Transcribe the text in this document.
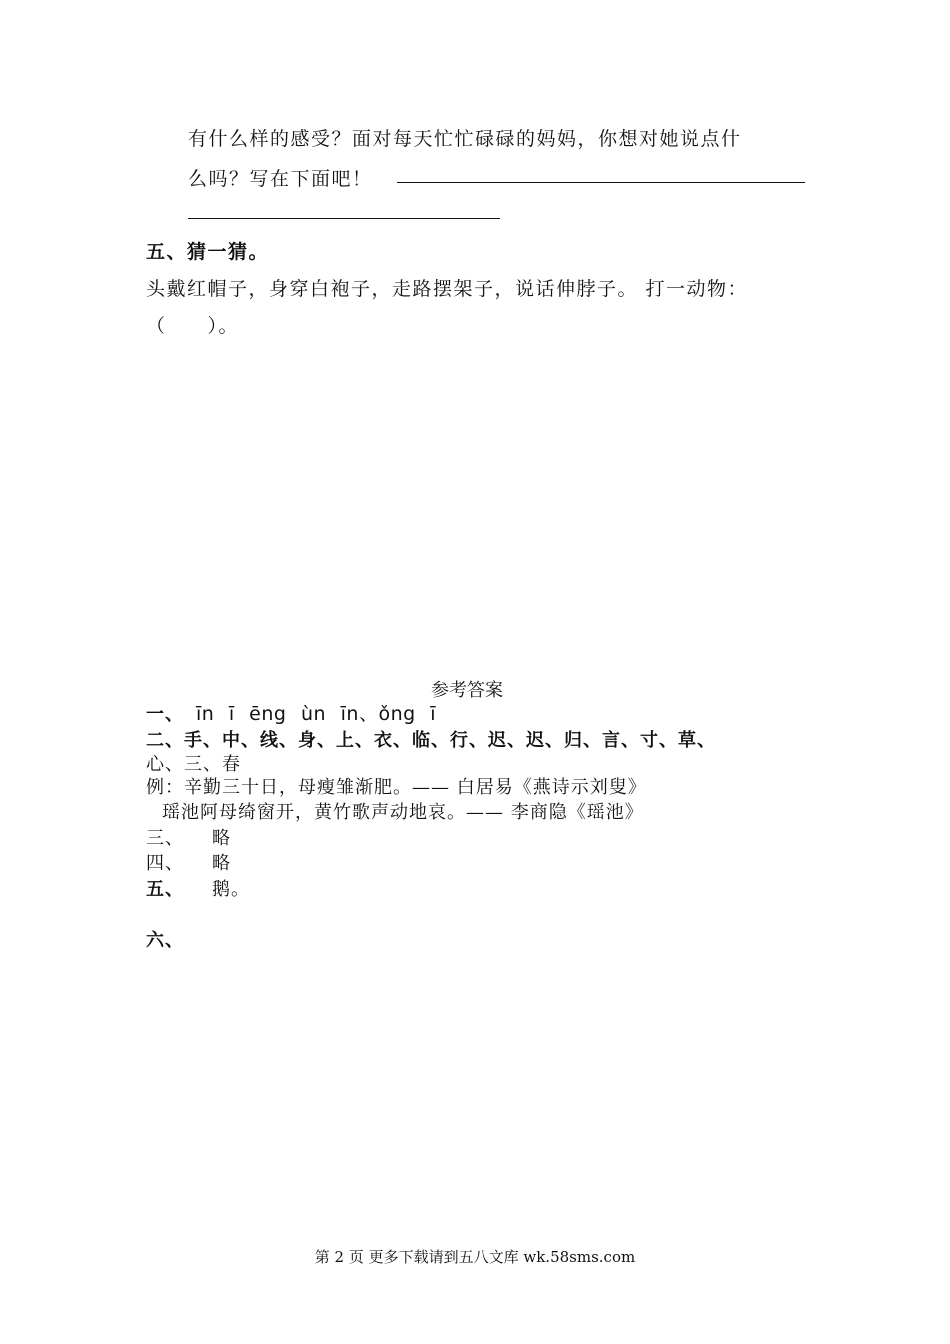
有什么样的感受？面对每天忙忙碌碌的妈妈，你想对她说点什
么吗？写在下面吧！
五、猜一猜。
头戴红帽子，身穿白袍子，走路摆架子，说话伸脖子。 打一动物：
（　　）。
参考答案
一、 īn ī ēng ùn īn、ǒng ī
二、手、中、线、身、上、衣、临、行、迟、迟、归、言、寸、草、
心、三、春
例：辛勤三十日，母瘦雏渐肥。—— 白居易《燕诗示刘叟》
瑶池阿母绮窗开，黄竹歌声动地哀。—— 李商隐《瑶池》
三、 略
四、 略
五、 鹅。
六、
第 2 页 更多下载请到五八文库 wk.58sms.com
